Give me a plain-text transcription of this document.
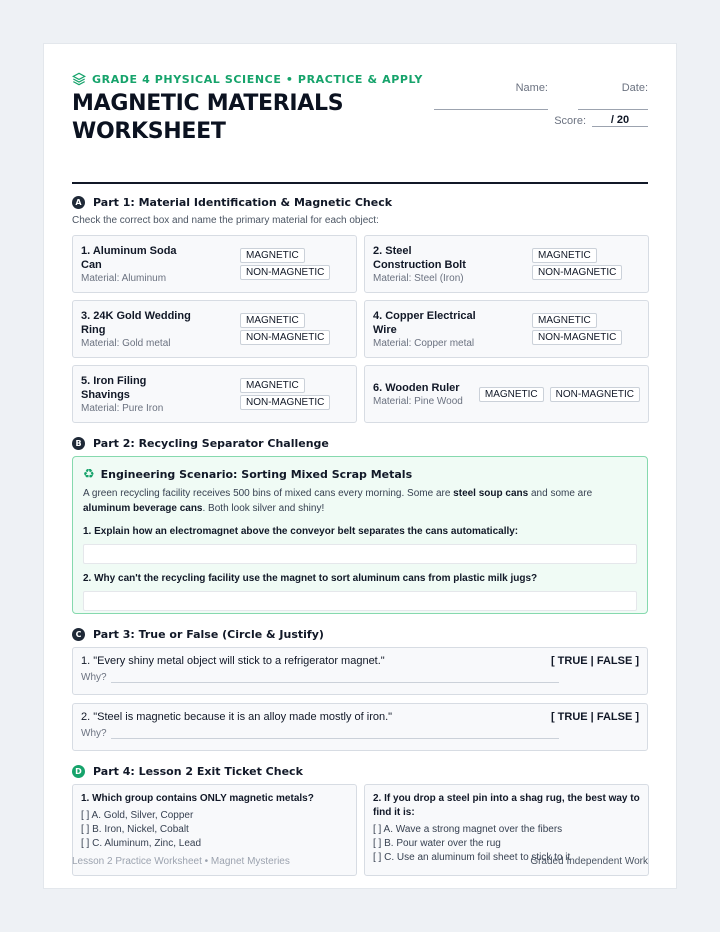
GRADE 4 PHYSICAL SCIENCE • PRACTICE & APPLY
MAGNETIC MATERIALS WORKSHEET
Name:	Date:
Score:	/ 20
A	Part 1: Material Identification & Magnetic Check
Check the correct box and name the primary material for each object:
1. Aluminum Soda Can
Material: Aluminum
MAGNETIC
NON-MAGNETIC
2. Steel Construction Bolt
Material: Steel (Iron)
MAGNETIC
NON-MAGNETIC
3. 24K Gold Wedding Ring
Material: Gold metal
MAGNETIC
NON-MAGNETIC
4. Copper Electrical Wire
Material: Copper metal
MAGNETIC
NON-MAGNETIC
5. Iron Filing Shavings
Material: Pure Iron
MAGNETIC
NON-MAGNETIC
6. Wooden Ruler
Material: Pine Wood
MAGNETIC	NON-MAGNETIC
B	Part 2: Recycling Separator Challenge
♻ Engineering Scenario: Sorting Mixed Scrap Metals
A green recycling facility receives 500 bins of mixed cans every morning. Some are steel soup cans and some are aluminum beverage cans. Both look silver and shiny!
1. Explain how an electromagnet above the conveyor belt separates the cans automatically:
2. Why can't the recycling facility use the magnet to sort aluminum cans from plastic milk jugs?
C	Part 3: True or False (Circle & Justify)
1. "Every shiny metal object will stick to a refrigerator magnet."	[ TRUE | FALSE ]
Why?
2. "Steel is magnetic because it is an alloy made mostly of iron."	[ TRUE | FALSE ]
Why?
D Part 4: Lesson 2 Exit Ticket Check
1. Which group contains ONLY magnetic metals?
[ ] A. Gold, Silver, Copper
[ ] B. Iron, Nickel, Cobalt
[ ] C. Aluminum, Zinc, Lead
2. If you drop a steel pin into a shag rug, the best way to find it is:
[ ] A. Wave a strong magnet over the fibers
[ ] B. Pour water over the rug
[ ] C. Use an aluminum foil sheet to stick to it
Lesson 2 Practice Worksheet • Magnet Mysteries	Graded Independent Work
